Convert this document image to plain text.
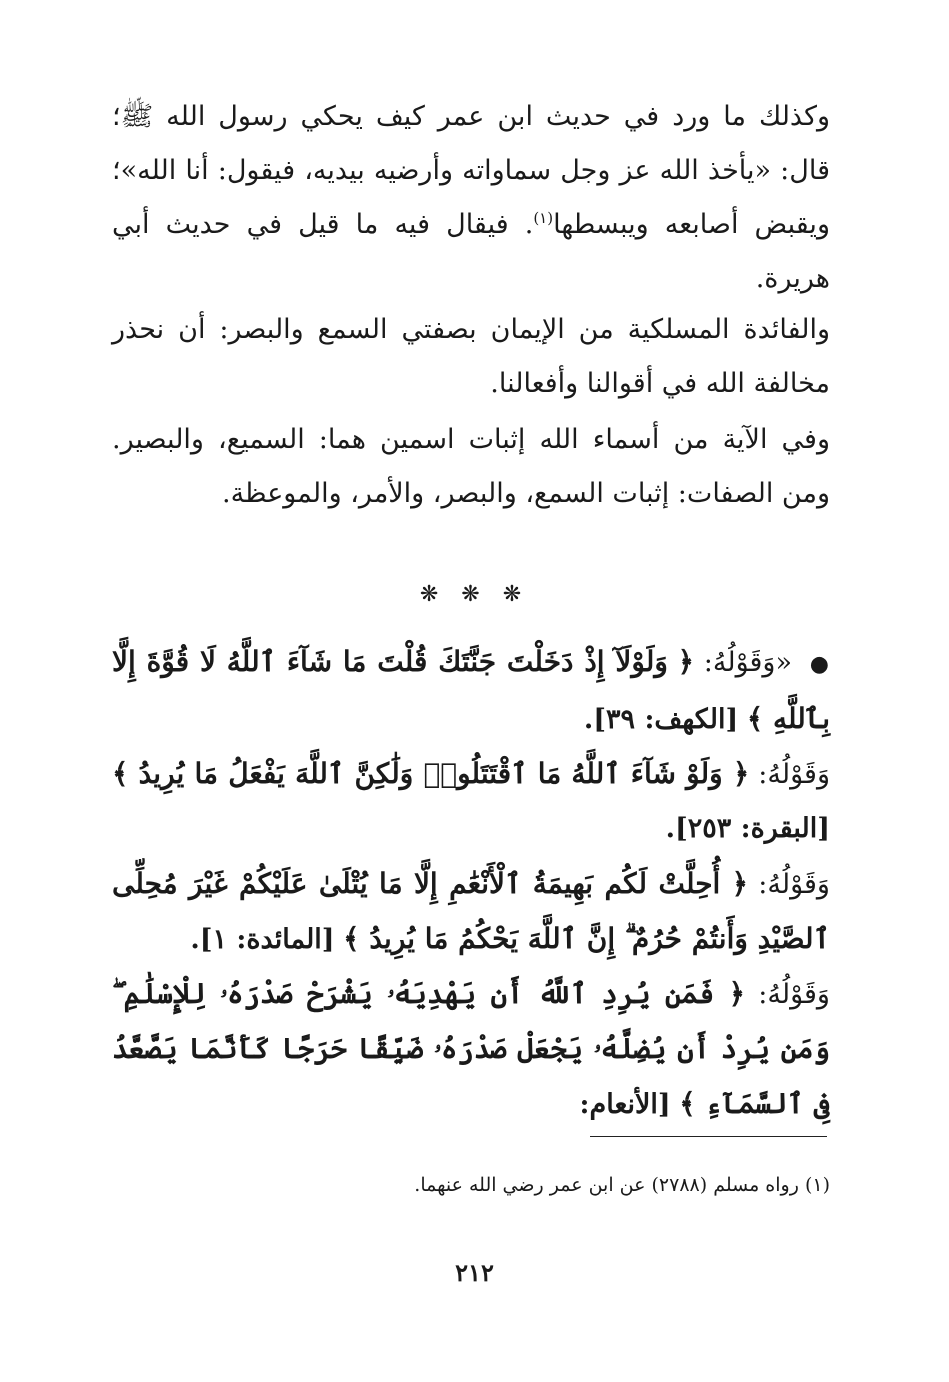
وكذلك ما ورد في حديث ابن عمر كيف يحكي رسول الله ﷺ؛ قال: «يأخذ الله عز وجل سماواته وأرضيه بيديه، فيقول: أنا الله»؛ ويقبض أصابعه ويبسطها$^{(١)}$. فيقال فيه ما قيل في حديث أبي هريرة.
والفائدة المسلكية من الإيمان بصفتي السمع والبصر: أن نحذر مخالفة الله في أقوالنا وأفعالنا.
وفي الآية من أسماء الله إثبات اسمين هما: السميع، والبصير. ومن الصفات: إثبات السمع، والبصر، والأمر، والموعظة.
❋ ❋ ❋
● «وَقَوْلُهُ: ﴿ وَلَوْلَآ إِذْ دَخَلْتَ جَنَّتَكَ قُلْتَ مَا شَآءَ ٱللَّهُ لَا قُوَّةَ إِلَّا بِٱللَّهِ ﴾ [الكهف: ٣٩].
وَقَوْلُهُ: ﴿ وَلَوْ شَآءَ ٱللَّهُ مَا ٱقْتَتَلُوا۟ وَلَٰكِنَّ ٱللَّهَ يَفْعَلُ مَا يُرِيدُ ﴾ [البقرة: ٢٥٣].
وَقَوْلُهُ: ﴿ أُحِلَّتْ لَكُم بَهِيمَةُ ٱلْأَنْعَٰمِ إِلَّا مَا يُتْلَىٰ عَلَيْكُمْ غَيْرَ مُحِلِّى ٱلصَّيْدِ وَأَنتُمْ حُرُمٌ ۗ إِنَّ ٱللَّهَ يَحْكُمُ مَا يُرِيدُ ﴾ [المائدة: ١].
وَقَوْلُهُ: ﴿ فَمَن يُرِدِ ٱللَّهُ أَن يَهْدِيَهُۥ يَشْرَحْ صَدْرَهُۥ لِلْإِسْلَٰمِ ۖ وَمَن يُرِدْ أَن يُضِلَّهُۥ يَجْعَلْ صَدْرَهُۥ ضَيِّقًا حَرَجًا كَأَنَّمَا يَصَّعَّدُ فِى ٱلسَّمَآءِ ﴾ [الأنعام:
(١) رواه مسلم (٢٧٨٨) عن ابن عمر رضي الله عنهما.
٢١٢
